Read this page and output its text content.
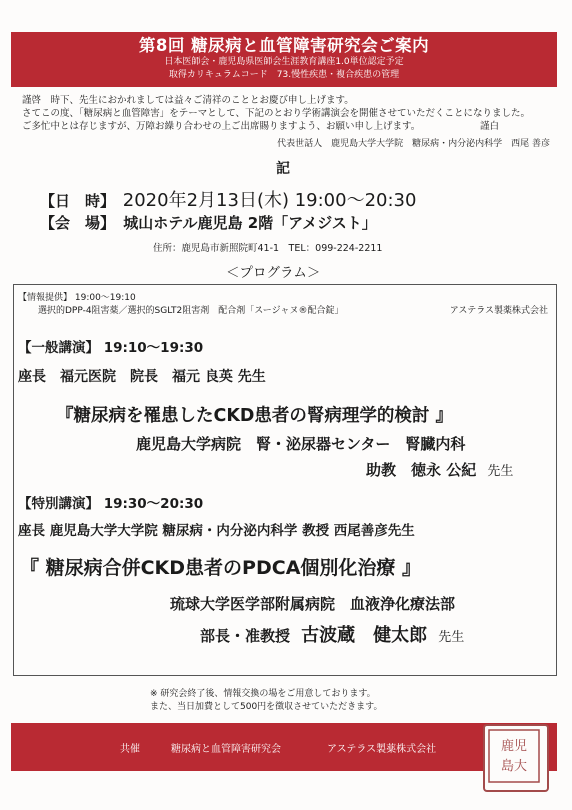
第8回 糖尿病と血管障害研究会ご案内
日本医師会・鹿児島県医師会生涯教育講座1.0単位認定予定
取得カリキュラムコード　73.慢性疾患・複合疾患の管理

謹啓　時下、先生におかれましては益々ご清祥のこととお慶び申し上げます。

さてこの度、「糖尿病と血管障害」をテーマとして、下記のとおり学術講演会を開催させていただくことになりました。

ご多忙中とは存じますが、万障お繰り合わせの上ご出席賜りますよう、お願い申し上げます。	謹白
代表世話人　鹿児島大学大学院　糖尿病・内分泌内科学　西尾 善彦
記
【日　時】 2020年2月13日(木) 19:00～20:30
【会　場】 城山ホテル鹿児島 2階「アメジスト」
住所：鹿児島市新照院町41-1　TEL：099-224-2211
＜プログラム＞
【情報提供】 19:00～19:10
選択的DPP-4阻害薬／選択的SGLT2阻害剤　配合剤「スージャヌ®配合錠」	アステラス製薬株式会社
【一般講演】 19:10～19:30
座長　福元医院　院長　福元 良英 先生
『糖尿病を罹患したCKD患者の腎病理学的検討 』
鹿児島大学病院　腎・泌尿器センター　腎臓内科
助教　徳永 公紀 先生
【特別講演】 19:30～20:30
座長 鹿児島大学大学院 糖尿病・内分泌内科学 教授 西尾善彦先生
『 糖尿病合併CKD患者のPDCA個別化治療 』
琉球大学医学部附属病院　血液浄化療法部
部長・准教授 古波蔵　健太郎 先生
※ 研究会終了後、情報交換の場をご用意しております。
また、当日加費として500円を徴収させていただきます。
共催	糖尿病と血管障害研究会	アステラス製薬株式会社	鹿児
島大
